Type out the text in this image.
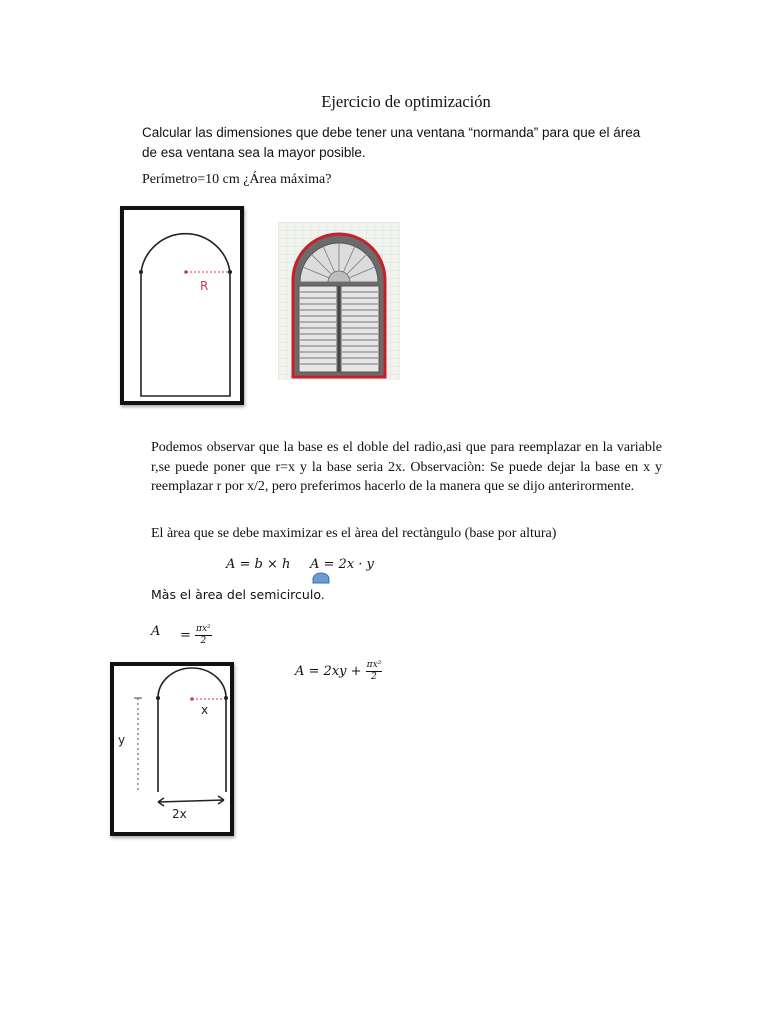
Ejercicio de optimización
Calcular las dimensiones que debe tener una ventana “normanda” para que el área de esa ventana sea la mayor posible.
Perímetro=10 cm ¿Área máxima?
R
Podemos observar que la base es el doble del radio,asi que para reemplazar en la variable r,se puede poner que r=x y la base seria 2x. Observaciòn: Se puede dejar la base en x y reemplazar r por x/2, pero preferimos hacerlo de la manera que se dijo anterirormente.
El àrea que se debe maximizar es el àrea del rectàngulo (base por altura)
A = b × h A = 2x · y
Màs el àrea del semicirculo.
$A = \frac{\text{πx²}}{2}$
$A = 2xy + \frac{\text{πx²}}{2}$
x
y
2x
